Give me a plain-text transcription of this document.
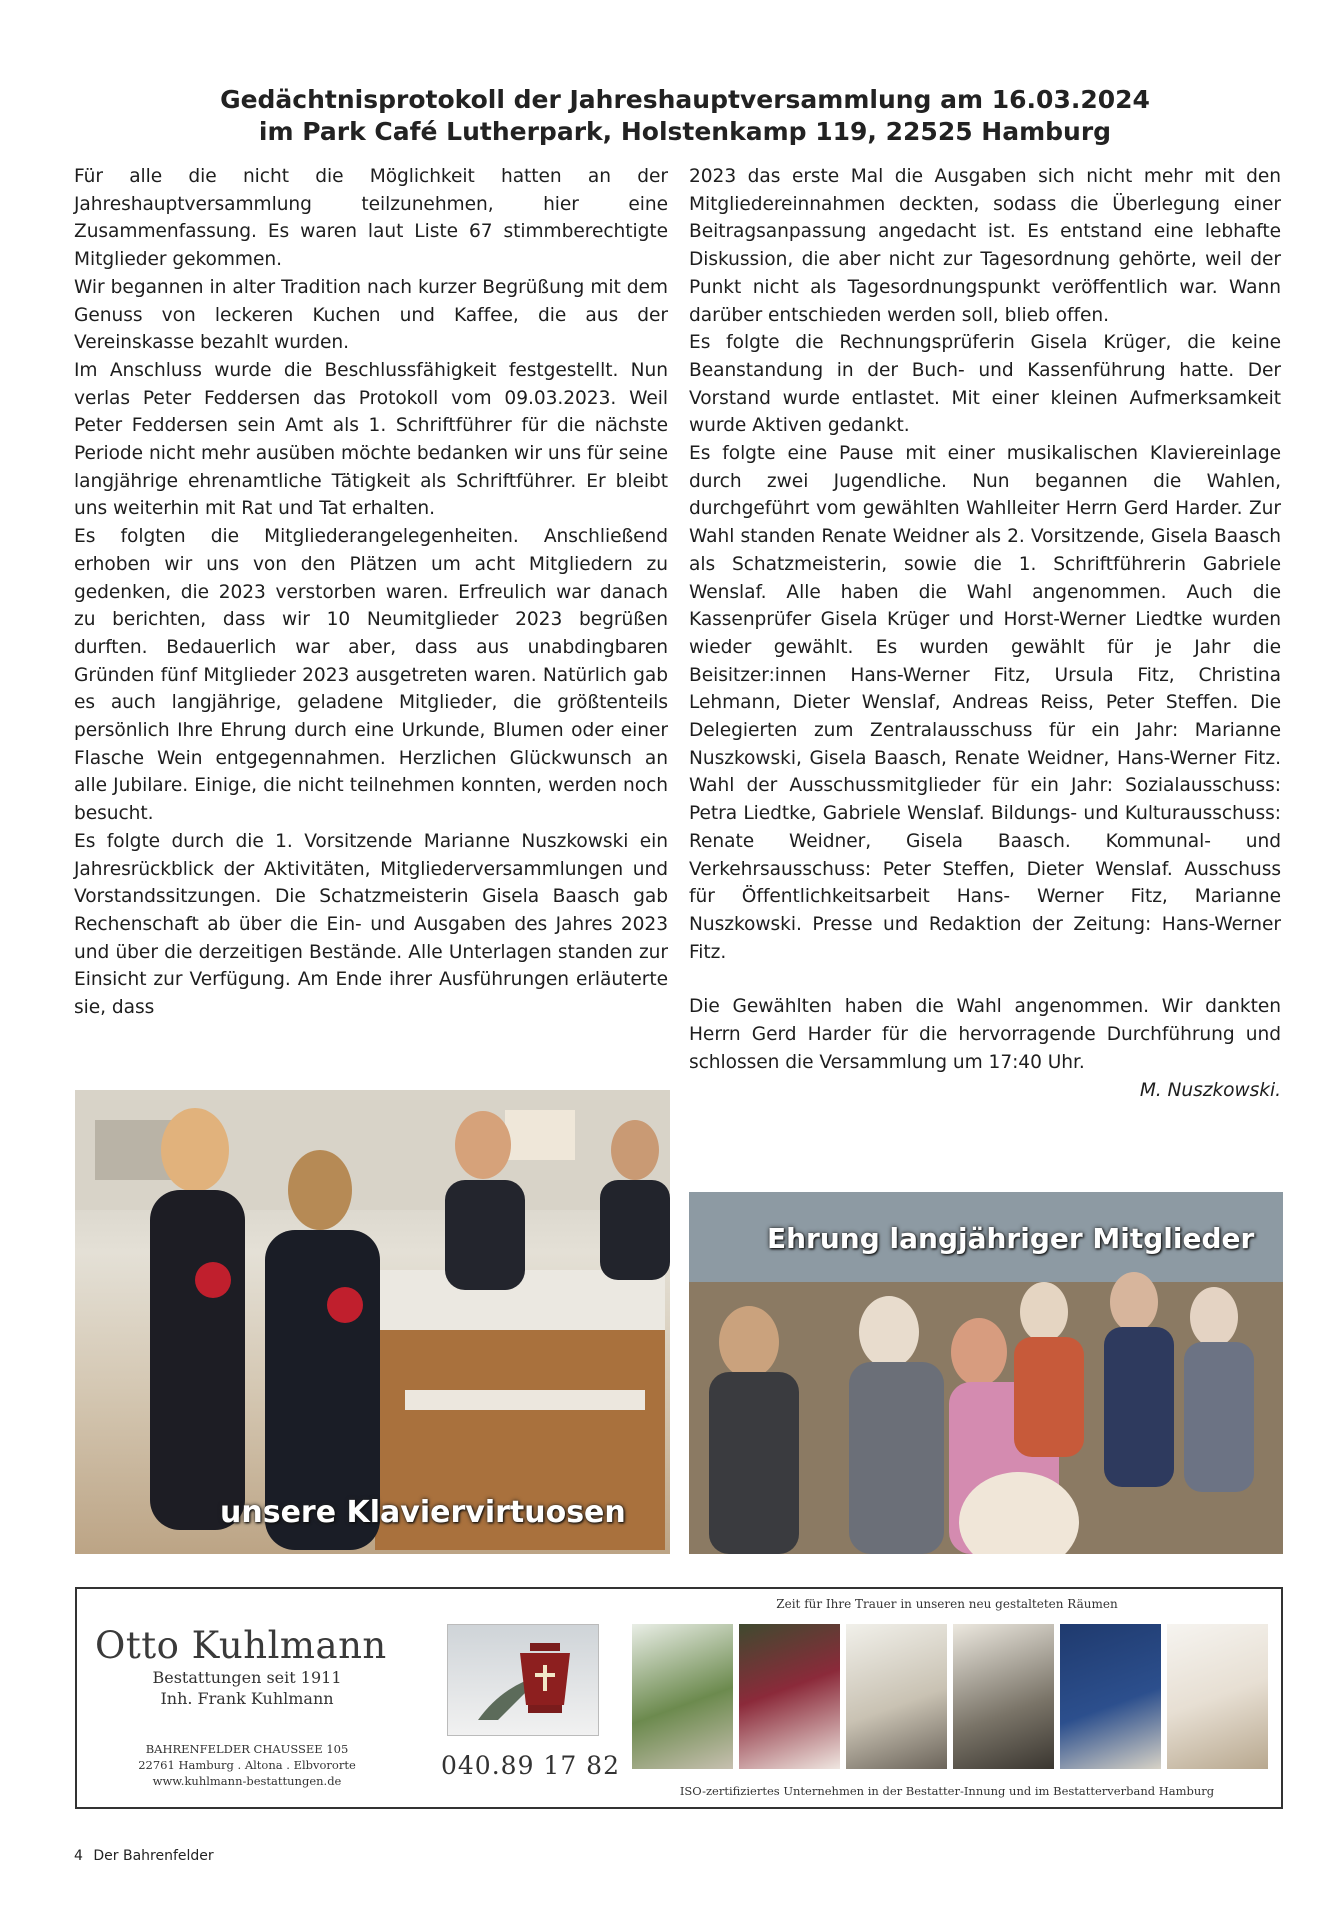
Gedächtnisprotokoll der Jahreshauptversammlung am 16.03.2024
im Park Café Lutherpark, Holstenkamp 119, 22525 Hamburg

Für alle die nicht die Möglichkeit hatten an der Jahreshauptversammlung teilzunehmen, hier eine Zusammenfassung. Es waren laut Liste 67 stimmberechtigte Mitglieder gekommen.

Wir begannen in alter Tradition nach kurzer Begrüßung mit dem Genuss von leckeren Kuchen und Kaffee, die aus der Vereinskasse bezahlt wurden.

Im Anschluss wurde die Beschlussfähigkeit festgestellt. Nun verlas Peter Feddersen das Protokoll vom 09.03.2023. Weil Peter Feddersen sein Amt als 1. Schriftführer für die nächste Periode nicht mehr ausüben möchte bedanken wir uns für seine langjährige ehrenamtliche Tätigkeit als Schriftführer. Er bleibt uns weiterhin mit Rat und Tat erhalten.

Es folgten die Mitgliederangelegenheiten. Anschließend erhoben wir uns von den Plätzen um acht Mitgliedern zu gedenken, die 2023 verstorben waren. Erfreulich war danach zu berichten, dass wir 10 Neumitglieder 2023 begrüßen durften. Bedauerlich war aber, dass aus unabdingbaren Gründen fünf Mitglieder 2023 ausgetreten waren. Natürlich gab es auch langjährige, geladene Mitglieder, die größtenteils persönlich Ihre Ehrung durch eine Urkunde, Blumen oder einer Flasche Wein entgegennahmen. Herzlichen Glückwunsch an alle Jubilare. Einige, die nicht teilnehmen konnten, werden noch besucht.

Es folgte durch die 1. Vorsitzende Marianne Nuszkowski ein Jahresrückblick der Aktivitäten, Mitgliederversammlungen und Vorstandssitzungen. Die Schatzmeisterin Gisela Baasch gab Rechenschaft ab über die Ein- und Ausgaben des Jahres 2023 und über die derzeitigen Bestände. Alle Unterlagen standen zur Einsicht zur Verfügung. Am Ende ihrer Ausführungen erläuterte sie, dass

2023 das erste Mal die Ausgaben sich nicht mehr mit den Mitgliedereinnahmen deckten, sodass die Überlegung einer Beitragsanpassung angedacht ist. Es entstand eine lebhafte Diskussion, die aber nicht zur Tagesordnung gehörte, weil der Punkt nicht als Tagesordnungspunkt veröffentlich war. Wann darüber entschieden werden soll, blieb offen.

Es folgte die Rechnungsprüferin Gisela Krüger, die keine Beanstandung in der Buch- und Kassenführung hatte. Der Vorstand wurde entlastet. Mit einer kleinen Aufmerksamkeit wurde Aktiven gedankt.

Es folgte eine Pause mit einer musikalischen Klaviereinlage durch zwei Jugendliche. Nun begannen die Wahlen, durchgeführt vom gewählten Wahlleiter Herrn Gerd Harder. Zur Wahl standen Renate Weidner als 2. Vorsitzende, Gisela Baasch als Schatzmeisterin, sowie die 1. Schriftführerin Gabriele Wenslaf. Alle haben die Wahl angenommen. Auch die Kassenprüfer Gisela Krüger und Horst-Werner Liedtke wurden wieder gewählt. Es wurden gewählt für je Jahr die Beisitzer:innen Hans-Werner Fitz, Ursula Fitz, Christina Lehmann, Dieter Wenslaf, Andreas Reiss, Peter Steffen. Die Delegierten zum Zentralausschuss für ein Jahr: Marianne Nuszkowski, Gisela Baasch, Renate Weidner, Hans-Werner Fitz. Wahl der Ausschussmitglieder für ein Jahr: Sozialausschuss: Petra Liedtke, Gabriele Wenslaf. Bildungs- und Kulturausschuss: Renate Weidner, Gisela Baasch. Kommunal- und Verkehrsausschuss: Peter Steffen, Dieter Wenslaf. Ausschuss für Öffentlichkeitsarbeit Hans- Werner Fitz, Marianne Nuszkowski. Presse und Redaktion der Zeitung: Hans-Werner Fitz.

Die Gewählten haben die Wahl angenommen. Wir dankten Herrn Gerd Harder für die hervorragende Durchführung und schlossen die Versammlung um 17:40 Uhr.

M. Nuszkowski.

unsere Klaviervirtuosen
Ehrung langjähriger Mitglieder
Otto Kuhlmann
Bestattungen seit 1911
Inh. Frank Kuhlmann
BAHRENFELDER CHAUSSEE 105
22761 Hamburg . Altona . Elbvororte
www.kuhlmann-bestattungen.de
040.89 17 82
Zeit für Ihre Trauer in unseren neu gestalteten Räumen
ISO-zertifiziertes Unternehmen in der Bestatter-Innung und im Bestatterverband Hamburg
4 Der Bahrenfelder
